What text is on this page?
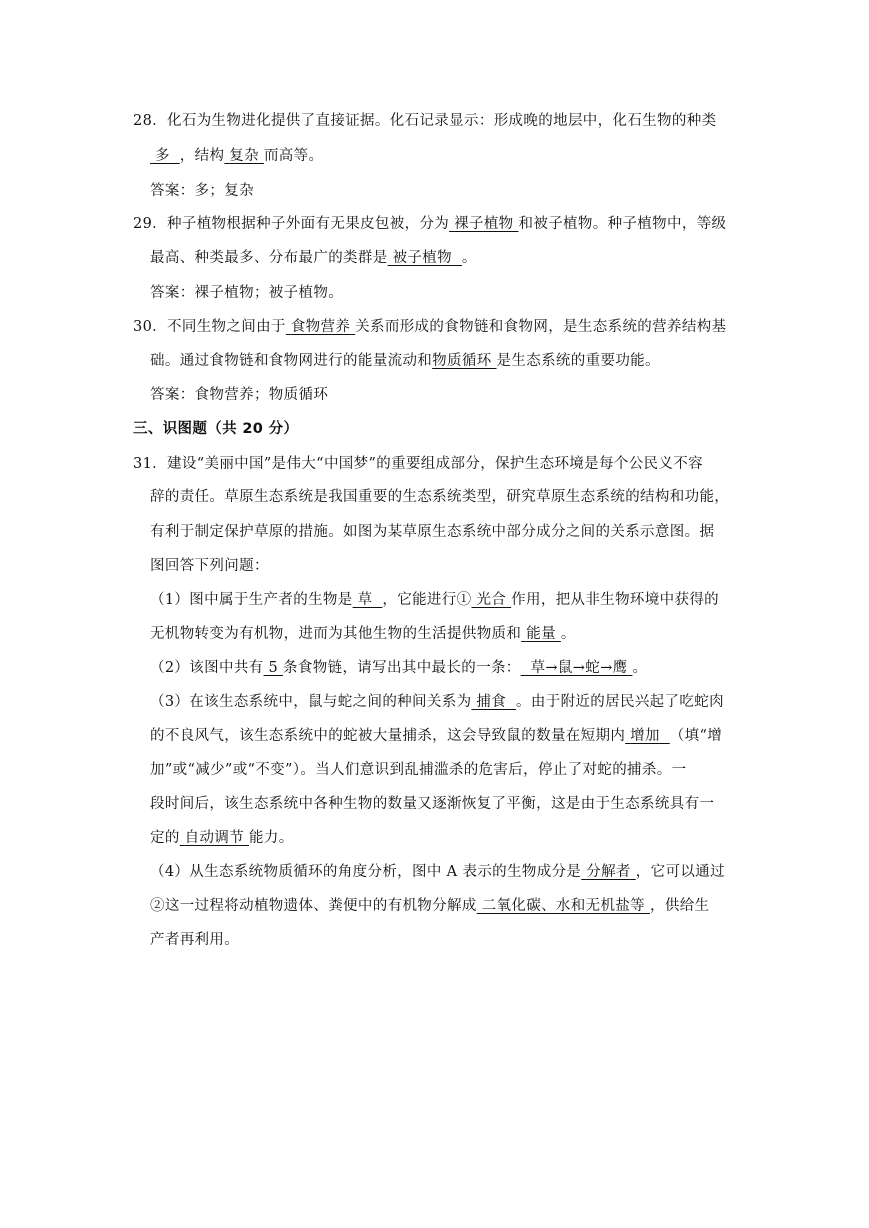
28．化石为生物进化提供了直接证据。化石记录显示：形成晚的地层中，化石生物的种类
多 ，结构 复杂 而高等。
答案：多；复杂
29．种子植物根据种子外面有无果皮包被，分为 裸子植物 和被子植物。种子植物中，等级
最高、种类最多、分布最广的类群是 被子植物 。
答案：裸子植物；被子植物。
30．不同生物之间由于 食物营养 关系而形成的食物链和食物网，是生态系统的营养结构基
础。通过食物链和食物网进行的能量流动和物质循环 是生态系统的重要功能。
答案：食物营养；物质循环
三、识图题（共 20 分）
31．建设“美丽中国”是伟大“中国梦”的重要组成部分，保护生态环境是每个公民义不容
辞的责任。草原生态系统是我国重要的生态系统类型，研究草原生态系统的结构和功能，
有利于制定保护草原的措施。如图为某草原生态系统中部分成分之间的关系示意图。据
图回答下列问题：
（1）图中属于生产者的生物是 草 ，它能进行① 光合 作用，把从非生物环境中获得的
无机物转变为有机物，进而为其他生物的生活提供物质和 能量 。
（2）该图中共有 5 条食物链，请写出其中最长的一条： 草→鼠→蛇→鹰 。
（3）在该生态系统中，鼠与蛇之间的种间关系为 捕食 。由于附近的居民兴起了吃蛇肉
的不良风气，该生态系统中的蛇被大量捕杀，这会导致鼠的数量在短期内 增加 （填“增
加”或“减少”或“不变”）。当人们意识到乱捕滥杀的危害后，停止了对蛇的捕杀。一
段时间后，该生态系统中各种生物的数量又逐渐恢复了平衡，这是由于生态系统具有一
定的 自动调节 能力。
（4）从生态系统物质循环的角度分析，图中 A 表示的生物成分是 分解者 ，它可以通过
②这一过程将动植物遗体、粪便中的有机物分解成 二氧化碳、水和无机盐等 ，供给生
产者再利用。
